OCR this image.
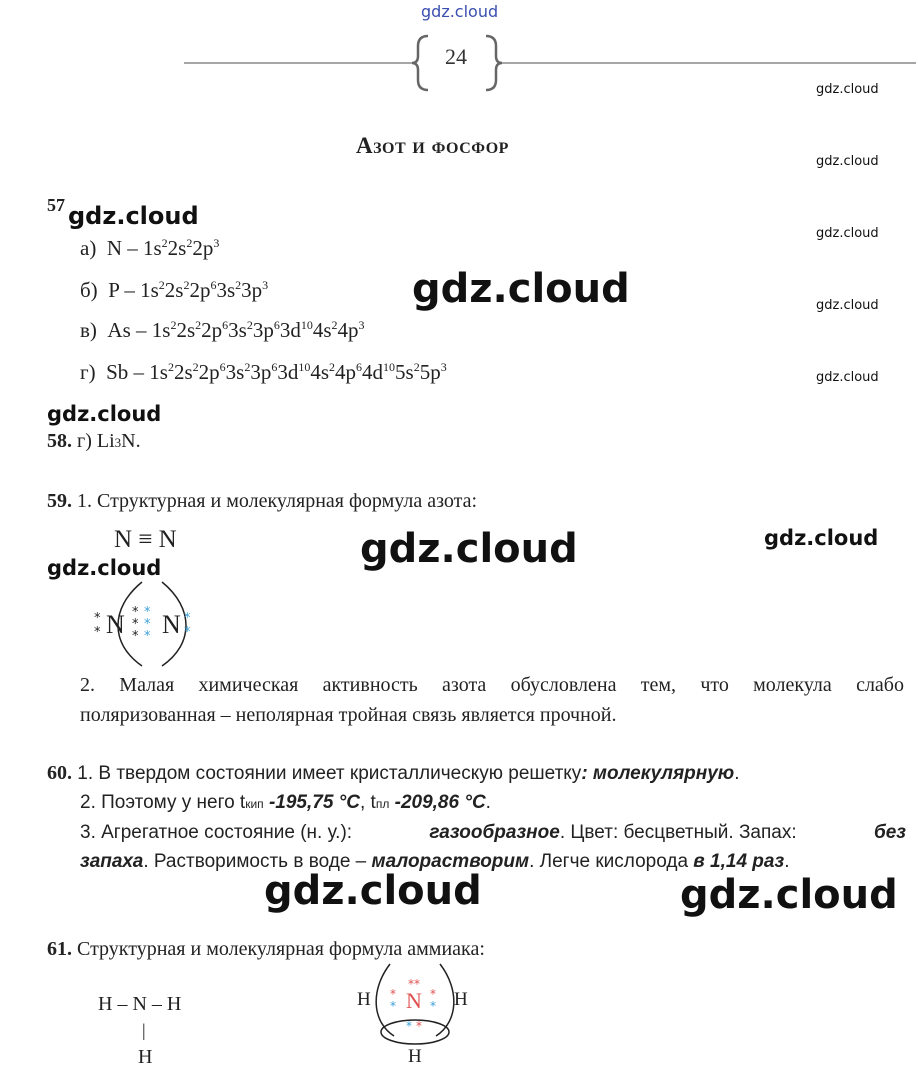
gdz.cloud
24
gdz.cloud
gdz.cloud
gdz.cloud
gdz.cloud
gdz.cloud
Азот и фосфор
57 gdz.cloud
а)  N – $1s^22s^22p^3$
б)  P – $1s^22s^22p^63s^23p^3$
в)  As – $1s^22s^22p^63s^23p^63d^{10}4s^24p^3$
г)  Sb – $1s^22s^22p^63s^23p^63d^{10}4s^24p^64d^{10}5s^25p^3$
gdz.cloud
gdz.cloud
58. г) Li3N.
59. 1. Структурная и молекулярная формула азота:
N ≡ N	gdz.cloud	gdz.cloud
gdz.cloud
N N
*
*
*
*
*
*
*
*
*
*
2. Малая химическая активность азота обусловлена тем, что молекула слабо
поляризованная – неполярная тройная связь является прочной.
60. 1. В твердом состоянии имеет кристаллическую решетку: молекулярную.
2. Поэтому у него tкип -195,75 °C, tпл -209,86 °C.
3. Агрегатное состояние (н. у.):	газообразное. Цвет: бесцветный. Запах:	без
запаха. Растворимость в воде – малорастворим. Легче кислорода в 1,14 раз.
gdz.cloud	gdz.cloud
61. Структурная и молекулярная формула аммиака:
H – N – H
|
H
N
**
*
*
*
*
* *
H	H
H
